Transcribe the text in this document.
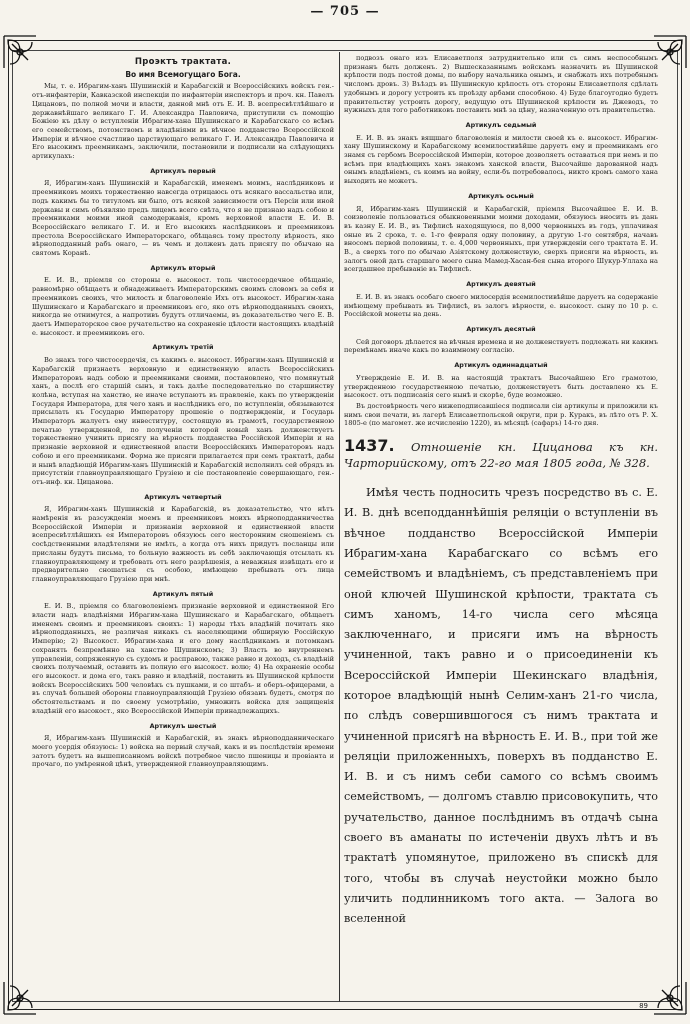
— 705 —
Проэктъ трактата.
Во имя Всемогущаго Бога.

Мы, т. е. Ибрагим-ханъ Шушинскій и Карабагскій и Всероссійскихъ войскъ ген.-отъ-инфантеріи, Кавказской инспекціи по инфантеріи инспекторъ и проч. кн. Павелъ Цицановъ, по полной мочи и власти, данной мнѣ отъ Е. И. В. всепресвѣтлѣйшаго и державнѣйшаго великаго Г. И. Александра Павловича, приступили съ помощію Божіею къ дѣлу о вступленіи Ибрагим-хана Шушинскаго и Карабагскаго со всѣмъ его семействомъ, потомствомъ и владѣніями въ вѣчное подданство Всероссійской Имперіи и вѣчное счастливо царствующаго великаго Г. И. Александра Павловича и Его высокимъ преемникамъ, заключили, постановили и подписали на слѣдующихъ артикулахъ:

Артикулъ первый

Я, Ибрагим-ханъ Шушинскій и Карабагскій, именемъ моимъ, наслѣдниковъ и преемниковъ моихъ торжественно навсегда отрицаюсь отъ всякаго вассальства или, подъ какимъ бы то титуломъ ни было, отъ всякой зависимости отъ Персіи или иной державы и симъ объявляю предъ лицемъ всего свѣта, что я не признаю надъ собою и преемниками моими иной самодержавія, кромъ верховной власти Е. И. В. Всероссійскаго великаго Г. И. и Его высокихъ наслѣдниковъ и преемниковъ престола Всероссійскаго Императорскаго, обѣщаясь тому престолу вѣрность, яко вѣрноподданный рабъ онаго, — въ чемъ и долженъ дать присягу по обычаю на святомъ Коранѣ.

Артикулъ вторый

Е. И. В., пріемля со стороны е. высокост. толь чистосердечное обѣщаніе, равномѣрно обѣщаетъ и обнадеживаетъ Императорскимъ своимъ словомъ за себя и преемниковъ своихъ, что милость и благоволеніе Ихъ отъ высокост. Ибрагим-хана Шушинскаго и Карабагскаго и преемниковъ его, яко отъ вѣрноподданныхъ своихъ, никогда не отнимутся, а напротивъ будутъ отличаемы, въ доказательство чего Е. В. даетъ Императорское свое ручательство на сохраненіе цѣлости настоящихъ владѣній е. высокост. и преемниковъ его.

Артикулъ третій

Во знакъ того чистосердечія, съ какимъ е. высокост. Ибрагим-ханъ Шушинскій и Карабагскій признаетъ верховную и единственную власть Всероссійскихъ Императоровъ надъ собою и преемниками своими, постановлено, что помянутый ханъ, а послѣ его старшій сынъ, и такъ далѣе последовательно по старшинству колѣна, вступая на ханство, не иначе вступаютъ въ правленіе, какъ по утвержденіи Государя Императора, для чего ханъ и наслѣдникъ его, по вступленіи, обязываются присылать къ Государю Императору прошеніе о подтвержденіи, и Государь Императоръ жалуетъ ему инвеституру, состоящую въ грамотѣ, государственною печатью утвержденной, по полученіи которой новый ханъ долженствуетъ торжественно учинить присягу на вѣрность подданства Россійской Имперіи и на признаніе верховной и единственной власти Всероссійскихъ Императоровъ надъ собою и его преемниками. Форма же присяги прилагается при семъ трактатѣ, дабы и нынѣ владѣющій Ибрагим-ханъ Шушинскій и Карабагскій исполнилъ сей обрядъ въ присутствіи главноуправляющаго Грузіею и сіе постановленіе совершающаго, ген.-отъ-инф. кн. Цицанова.

Артикулъ четвертый

Я, Ибрагим-ханъ Шушинскій и Карабагскій, въ доказательство, что нѣтъ намѣренія въ разсужденіи моемъ и преемниковъ моихъ вѣрноподданничества Всероссійской Имперіи и признаніи верховной и единственной власти всепресвѣтлѣйшихъ ея Императоровъ обязуюсь сего несторонним сношеніемъ съ сосѣдственными владѣтелями не имѣть, а когда отъ нихъ придутъ посланцы или присланы будутъ письма, то больную важность въ себѣ заключающія отсылать къ главноуправляющему и требовать отъ него разрѣшенія, а неважныя извѣщать его и предварительно сношаться съ особою, имѣющею пребывать отъ лица главноуправляющаго Грузіею при мнѣ.

Артикулъ пятый

Е. И. В., пріемля со благоволеніемъ признаніе верховной и единственной Его власти надъ владѣніями Ибрагим-хана Шушинскаго и Карабагскаго, обѣщаетъ именемъ своимъ и преемниковъ своихъ: 1) народы тѣхъ владѣній почитать яко вѣрноподданныхъ, не различая никакъ съ населяющими обширную Россійскую Имперію; 2) Высокост. Ибрагим-хана и его дому наслѣдникамъ и потомкамъ сохранять безпремѣнно на ханство Шушинскомъ; 3) Власть во внутреннемъ управленіи, сопряженную съ судомъ и расправою, также равно и доходъ, съ владѣній своихъ получаемый, оставить въ полную его высокост. волю; 4) На охраненіе особы его высокост. и дома его, такъ равно и владѣній, поставить въ Шушинской крѣпости войскъ Всероссійскихъ 500 человѣкъ съ пушками, и со штабъ- и оберъ-офицерами, а въ случаѣ большей обороны главноуправляющій Грузіею обязанъ будетъ, смотря по обстоятельствамъ и по своему усмотрѣнію, умножить войска для защищенія владѣній его высокост., яко Всероссійской Имперіи принадлежащихъ.

Артикулъ шестый

Я, Ибрагим-ханъ Шушинскій и Карабагскій, въ знакъ вѣрноподданническаго моего усердія обязуюсь: 1) войска на первый случай, какъ и въ послѣдствіи времени затотъ будетъ на вышеписанномъ войскѣ потребное число пшеницы и провіанта и прочаго, по умѣренной цѣнѣ, утвержденной главноуправляющимъ.

подвозъ онаго изъ Елисаветполя затруднительно или съ симъ неспособнымъ признанъ быть долженъ. 2) Вышесказаннымъ войскамъ назначить въ Шушинской крѣпости подъ постой домы, по выбору начальника онымъ, и снабжать ихъ потребнымъ числомъ дровъ. 3) Въѣздъ въ Шушинскую крѣпость отъ стороны Елисаветполя сдѣлать удобнымъ и дорогу устроить къ проѣзду арбами способною. 4) Буде благоугодно будетъ правительству устроить дорогу, ведущую отъ Шушинской крѣпости въ Джеводъ, то нужныхъ для того работниковъ поставить мнѣ за цѣну, назначенную отъ правительства.

Артикулъ седьмый

Е. И. В. въ знакъ вящшаго благоволенія и милости своей къ е. высокост. Ибрагим-хану Шушинскому и Карабагскому всемилостивѣйше даруетъ ему и преемникамъ его знамя съ гербомъ Всероссійской Имперіи, которое дозволяетъ оставаться при немъ и по всѣмъ при владѣющихъ ханъ знакомъ ханской власти, Высочайше дарованной надъ онымъ владѣніемъ, съ коимъ на войну, если-бъ потребовалось, никто кромъ самого хана выходить не можетъ.

Артикулъ осьмый

Я, Ибрагим-ханъ Шушинскій и Карабагскій, пріемля Высочайшее Е. И. В. соизволеніе пользоваться обыкновенными моими доходами, обязуюсь вносить въ дань въ казну Е. И. В., въ Тифлисѣ находящуюся, по 8,000 червонныхъ въ годъ, уплачивая оные въ 2 срока, т. е. 1-го февраля одну половину, а другую 1-го сентября, начавъ вносомъ первой половины, т. е. 4,000 червонныхъ, при утвержденіи сего трактата Е. И. В., а сверхъ того по обычаю Азіятскому долженствую, сверхъ присяги на вѣрность, въ залогъ оной дать старшаго моего сына Мамед-Хасан-бея сына второго Шукур-Уллаха на всегдашнее пребываніе въ Тифлисѣ.

Артикулъ девятый

Е. И. В. въ знакъ особаго своего милосердія всемилостивѣйше даруетъ на содержаніе имѣющему пребывать въ Тифлисѣ, въ залогъ вѣрности, е. высокост. сыну по 10 р. с. Россійской монеты на день.

Артикулъ десятый

Сей договоръ дѣлается на вѣчныя времена и не долженствуетъ подлежать ни какимъ перемѣнамъ иначе какъ по взаимному согласію.

Артикулъ одиннадцатый

Утвержденіе Е. И. В. на настоящій трактатъ Высочайшею Его грамотою, утвержденною государственною печатью, долженствуетъ быть доставлено къ Е. высокост. отъ подписанія сего нынѣ и скорѣе, буде возможно.

Въ достовѣрность чего нижеподписавшіеся подписали сіи артикулы и приложили къ нимъ свои печати, въ лагерѣ Елисаветпольской округи, при р. Куракъ, въ лѣто отъ Р. Х. 1805-е (по магомет. же исчисленію 1220), въ мѣсяцѣ (сафаръ) 14-го дня.

1437. Отношеніе кн. Цицанова къ кн. Чарторийскому, отъ 22-го мая 1805 года, № 328.
Имѣя честь подносить чрезъ посредство въ с. Е. И. В. днѣ всеподданнѣйшія реляціи о вступленіи въ вѣчное подданство Всероссійской Имперіи Ибрагим-хана Карабагскаго со всѣмъ его семействомъ и владѣніемъ, съ представленіемъ при оной ключей Шушинской крѣпости, трактата съ симъ ханомъ, 14-го числа сего мѣсяца заключеннаго, и присяги имъ на вѣрность учиненной, такъ равно и о присоединеніи къ Всероссійской Имперіи Шекинскаго владѣнія, которое владѣющій нынѣ Селим-ханъ 21-го числа, по слѣдъ совершившогося съ нимъ трактата и учиненной присягѣ на вѣрность Е. И. В., при той же реляціи приложенныхъ, поверхъ въ подданство Е. И. В. и съ нимъ себи самого со всѣмъ своимъ семействомъ, — долгомъ ставлю присовокупить, что ручательство, данное послѣднимъ въ отдачѣ сына своего въ аманаты по истеченіи двухъ лѣтъ и въ трактатѣ упомянутое, приложено въ спискѣ для того, чтобы въ случаѣ неустойки можно было уличить подлинникомъ того акта. — Залога во вселенной
89
